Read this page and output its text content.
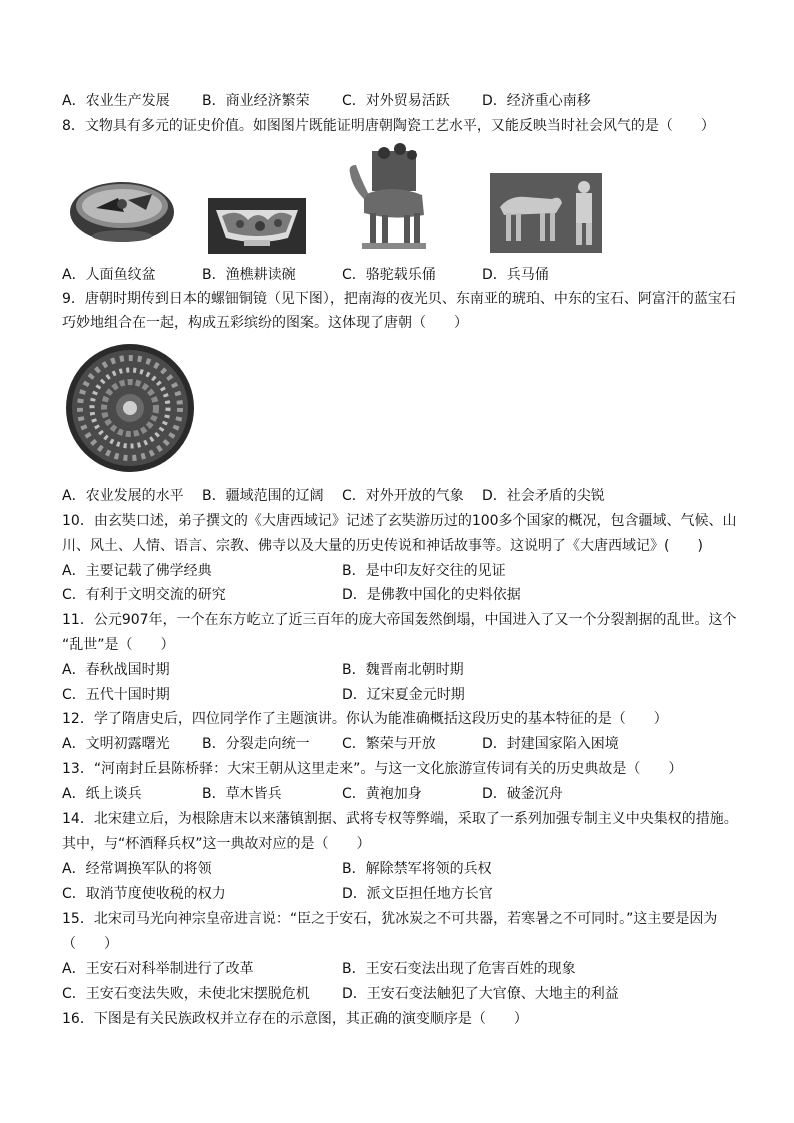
A．农业生产发展 B．商业经济繁荣 C．对外贸易活跃 D．经济重心南移
8．文物具有多元的证史价值。如图图片既能证明唐朝陶瓷工艺水平，又能反映当时社会风气的是（　　）
A．人面鱼纹盆	B．渔樵耕读碗	C．骆驼载乐俑	D．兵马俑
9．唐朝时期传到日本的螺钿铜镜（见下图），把南海的夜光贝、东南亚的琥珀、中东的宝石、阿富汗的蓝宝石
巧妙地组合在一起，构成五彩缤纷的图案。这体现了唐朝（　　）
A．农业发展的水平 B．疆域范围的辽阔 C．对外开放的气象 D．社会矛盾的尖锐
10．由玄奘口述，弟子撰文的《大唐西域记》记述了玄奘游历过的100多个国家的概况，包含疆域、气候、山
川、风土、人情、语言、宗教、佛寺以及大量的历史传说和神话故事等。这说明了《大唐西域记》(　　)
A．主要记载了佛学经典	B．是中印友好交往的见证
C．有利于文明交流的研究	D．是佛教中国化的史料依据
11．公元907年，一个在东方屹立了近三百年的庞大帝国轰然倒塌，中国进入了又一个分裂割据的乱世。这个
“乱世”是（　　）
A．春秋战国时期	B．魏晋南北朝时期
C．五代十国时期	D．辽宋夏金元时期
12．学了隋唐史后，四位同学作了主题演讲。你认为能准确概括这段历史的基本特征的是（　　）
A．文明初露曙光 B．分裂走向统一 C．繁荣与开放	D．封建国家陷入困境
13．“河南封丘县陈桥驿：大宋王朝从这里走来”。与这一文化旅游宣传词有关的历史典故是（　　）
A．纸上谈兵	B．草木皆兵	C．黄袍加身	D．破釜沉舟
14．北宋建立后，为根除唐末以来藩镇割据、武将专权等弊端，采取了一系列加强专制主义中央集权的措施。
其中，与“杯酒释兵权”这一典故对应的是（　　）
A．经常调换军队的将领	B．解除禁军将领的兵权
C．取消节度使收税的权力	D．派文臣担任地方长官
15．北宋司马光向神宗皇帝进言说：“臣之于安石，犹冰炭之不可共器，若寒暑之不可同时。”这主要是因为
（　　）
A．王安石对科举制进行了改革	B．王安石变法出现了危害百姓的现象
C．王安石变法失败，未使北宋摆脱危机 D．王安石变法触犯了大官僚、大地主的利益
16．下图是有关民族政权并立存在的示意图，其正确的演变顺序是（　　）
